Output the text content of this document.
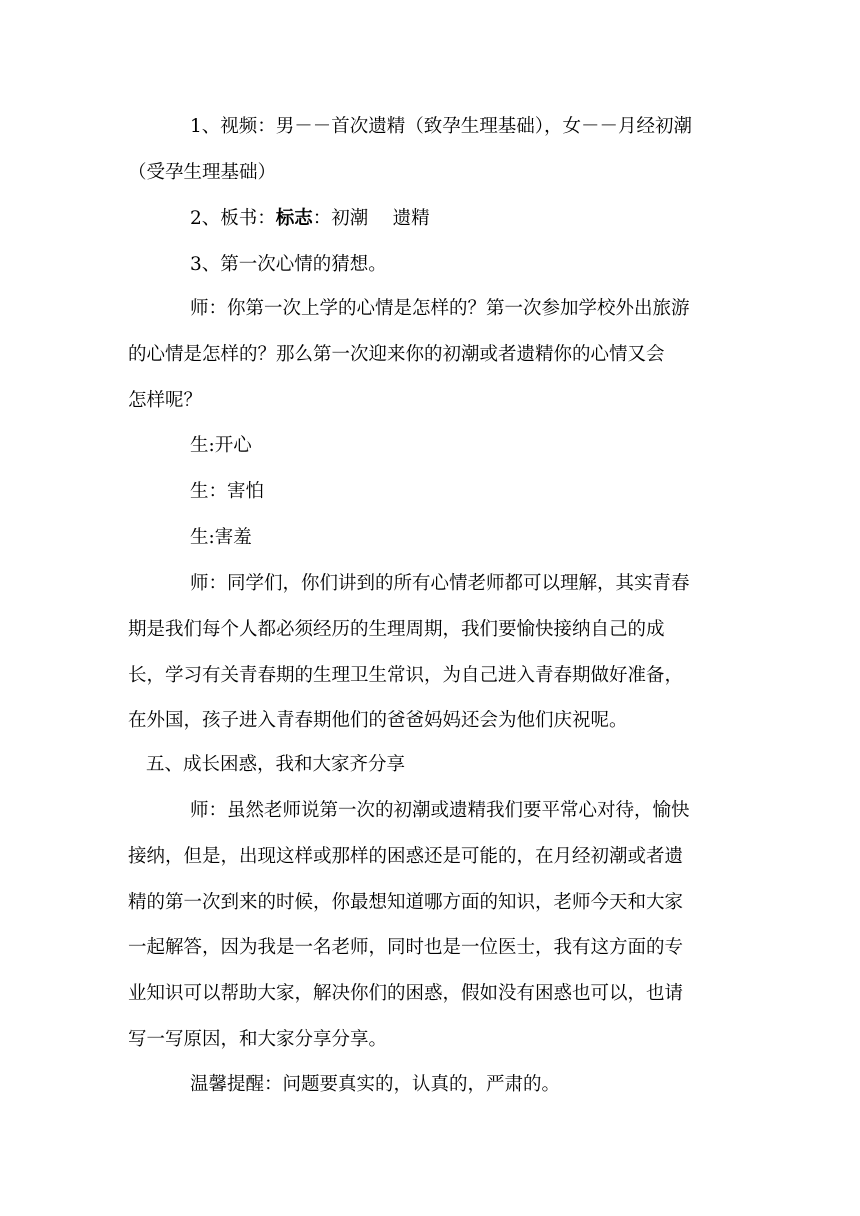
1、视频：男－－首次遗精（致孕生理基础），女－－月经初潮

（受孕生理基础）

2、板书：标志：初潮　 遗精

3、第一次心情的猜想。

师：你第一次上学的心情是怎样的？第一次参加学校外出旅游

的心情是怎样的？那么第一次迎来你的初潮或者遗精你的心情又会

怎样呢？

生:开心

生：害怕

生:害羞

师：同学们，你们讲到的所有心情老师都可以理解，其实青春

期是我们每个人都必须经历的生理周期，我们要愉快接纳自己的成

长，学习有关青春期的生理卫生常识，为自己进入青春期做好准备，

在外国，孩子进入青春期他们的爸爸妈妈还会为他们庆祝呢。

五、成长困惑，我和大家齐分享

师：虽然老师说第一次的初潮或遗精我们要平常心对待，愉快

接纳，但是，出现这样或那样的困惑还是可能的，在月经初潮或者遗

精的第一次到来的时候，你最想知道哪方面的知识，老师今天和大家

一起解答，因为我是一名老师，同时也是一位医士，我有这方面的专

业知识可以帮助大家，解决你们的困惑，假如没有困惑也可以，也请

写一写原因，和大家分享分享。

温馨提醒：问题要真实的，认真的，严肃的。
